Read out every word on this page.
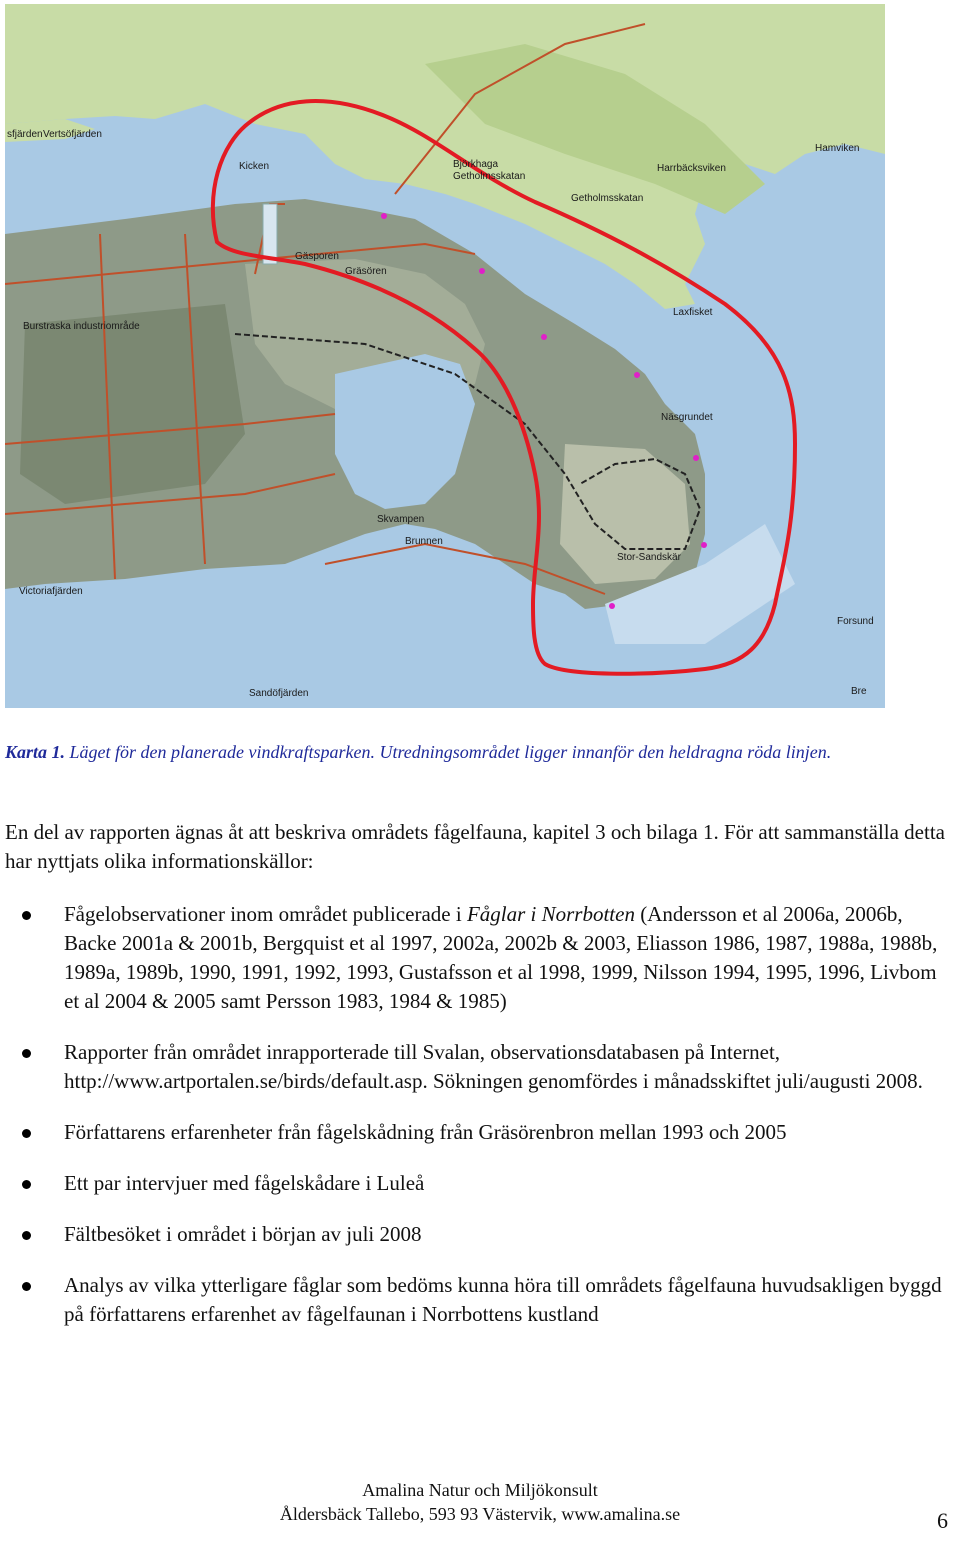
sfjärden Vertsöfjärden
Kicken	Björkhaga
Getholmsskatan
Getholmsskatan
Harrbäcksviken
Hamviken
Gräsören
Gäsporen
Burstraska industriområde
Laxfisket
Skvampen
Brunnen
Victoriafjärden
Sandöfjärden
Näsgrundet
Stor-Sandskär
Forsund
Bre

Karta 1. Läget för den planerade vindkraftsparken. Utredningsområdet ligger innanför den heldragna röda linjen.

En del av rapporten ägnas åt att beskriva områdets fågelfauna, kapitel 3 och bilaga 1. För att sammanställa detta har nyttjats olika informationskällor:

Fågelobservationer inom området publicerade i Fåglar i Norrbotten (Andersson et al 2006a, 2006b, Backe 2001a & 2001b, Bergquist et al 1997, 2002a, 2002b & 2003, Eliasson 1986, 1987, 1988a, 1988b, 1989a, 1989b, 1990, 1991, 1992, 1993, Gustafsson et al 1998, 1999, Nilsson 1994, 1995, 1996, Livbom et al 2004 & 2005 samt Persson 1983, 1984 & 1985)
Rapporter från området inrapporterade till Svalan, observationsdatabasen på Internet, http://www.artportalen.se/birds/default.asp. Sökningen genomfördes i månadsskiftet juli/augusti 2008.
Författarens erfarenheter från fågelskådning från Gräsörenbron mellan 1993 och 2005
Ett par intervjuer med fågelskådare i Luleå
Fältbesöket i området i början av juli 2008
Analys av vilka ytterligare fåglar som bedöms kunna höra till områdets fågelfauna huvudsakligen byggd på författarens erfarenhet av fågelfaunan i Norrbottens kustland
Amalina Natur och Miljökonsult
Åldersbäck Tallebo, 593 93 Västervik, www.amalina.se	6
